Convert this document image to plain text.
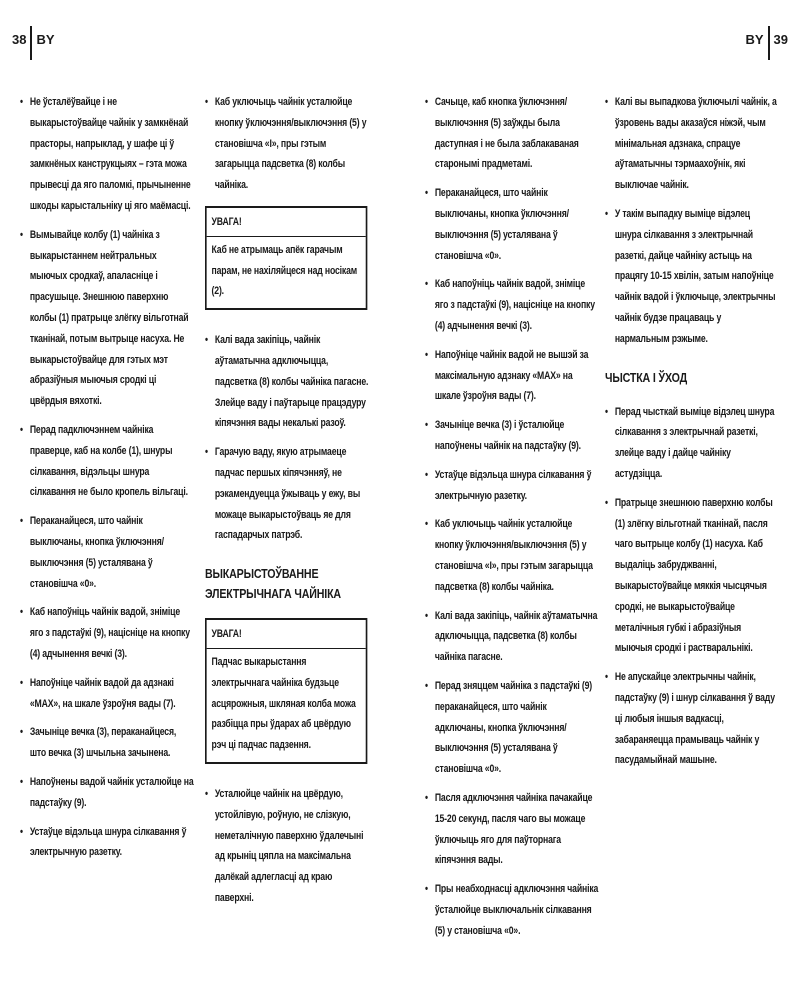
38 BY	BY 39
• Не ўсталёўвайце і не выкарыстоўвайце чайнік у замкнёнай прасторы, напрыклад, у шафе ці ў замкнёных канструкцыях – гэта можа прывесці да яго паломкі, прычыненне шкоды карыстальніку ці яго маёмасці.
• Вымывайце колбу (1) чайніка з выкарыстаннем нейтральных мыючых сродкаў, апаласніце і прасушыце. Знешнюю паверхню колбы (1) пратрыце злёгку вільготнай тканінай, потым вытрыце насуха. Не выкарыстоўвайце для гэтых мэт абразіўныя мыючыя сродкі ці цвёрдыя вяхоткі.
• Перад падключэннем чайніка праверце, каб на колбе (1), шнуры сілкавання, відэльцы шнура сілкавання не было кропель вільгаці.
• Пераканайцеся, што чайнік выключаны, кнопка ўключэння/выключэння (5) усталявана ў становішча «0».
• Каб напоўніць чайнік вадой, зніміце яго з падстаўкі (9), націсніце на кнопку (4) адчынення вечкі (3).
• Напоўніце чайнік вадой да адзнакі «MAX», на шкале ўзроўня вады (7).
• Зачыніце вечка (3), пераканайцеся, што вечка (3) шчыльна зачынена.
• Напоўнены вадой чайнік усталюйце на падстаўку (9).
• Устаўце відэльца шнура сілкавання ў электрычную разетку.
• Каб уключыць чайнік усталюйце кнопку ўключэння/выключэння (5) у становішча «I», пры гэтым загарыцца падсветка (8) колбы чайніка.
УВАГА!
Каб не атрымаць апёк гарачым парам, не нахіляйцеся над носікам (2).
• Калі вада закіпіць, чайнік аўтаматычна адключыцца, падсветка (8) колбы чайніка пагасне. Злейце ваду і паўтарыце працэдуру кіпячэння вады некалькі разоў.
• Гарачую ваду, якую атрымаеце падчас першых кіпячэнняў, не рэкамендуецца ўжываць у ежу, вы можаце выкарыстоўваць яе для гаспадарчых патрэб.
ВЫКАРЫСТОЎВАННЕ ЭЛЕКТРЫЧНАГА ЧАЙНІКА
УВАГА!
Падчас выкарыстання электрычнага чайніка будзьце асцярожныя, шкляная колба можа разбіцца пры ўдарах аб цвёрдую рэч ці падчас падзення.
• Усталюйце чайнік на цвёрдую, устойлівую, роўную, не слізкую, неметалічную паверхню ўдалечыні ад крыніц цяпла на максімальна далёкай адлегласці ад краю паверхні.
• Сачыце, каб кнопка ўключэння/выключэння (5) заўжды была даступная і не была заблакаваная старонымі прадметамі.
• Пераканайцеся, што чайнік выключаны, кнопка ўключэння/выключэння (5) усталявана ў становішча «0».
• Каб напоўніць чайнік вадой, зніміце яго з падстаўкі (9), націсніце на кнопку (4) адчынення вечкі (3).
• Напоўніце чайнік вадой не вышэй за максімальную адзнаку «MAX» на шкале ўзроўня вады (7).
• Зачыніце вечка (3) і ўсталюйце напоўнены чайнік на падстаўку (9).
• Устаўце відэльца шнура сілкавання ў электрычную разетку.
• Каб уключыць чайнік усталюйце кнопку ўключэння/выключэння (5) у становішча «I», пры гэтым загарыцца падсветка (8) колбы чайніка.
• Калі вада закіпіць, чайнік аўтаматычна адключыцца, падсветка (8) колбы чайніка пагасне.
• Перад зняццем чайніка з падстаўкі (9) пераканайцеся, што чайнік адключаны, кнопка ўключэння/выключэння (5) усталявана ў становішча «0».
• Пасля адключэння чайніка пачакайце 15-20 секунд, пасля чаго вы можаце ўключыць яго для паўторнага кіпячэння вады.
• Пры неабходнасці адключэння чайніка ўсталюйце выключальнік сілкавання (5) у становішча «0».
• Калі вы выпадкова ўключылі чайнік, а ўзровень вады аказаўся ніжэй, чым мінімальная адзнака, спрацуе аўтаматычны тэрмаахоўнік, які выключае чайнік.
• У такім выпадку выміце відэлец шнура сілкавання з электрычнай разеткі, дайце чайніку астыць на працягу 10-15 хвілін, затым напоўніце чайнік вадой і ўключыце, электрычны чайнік будзе працаваць у нармальным рэжыме.
ЧЫСТКА І ЎХОД
• Перад чысткай выміце відэлец шнура сілкавання з электрычнай разеткі, злейце ваду і дайце чайніку астудзіцца.
• Пратрыце знешнюю паверхню колбы (1) злёгку вільготнай тканінай, пасля чаго вытрыце колбу (1) насуха. Каб выдаліць забруджванні, выкарыстоўвайце мяккія чысцячыя сродкі, не выкарыстоўвайце металічныя губкі і абразіўныя мыючыя сродкі і растваральнікі.
• Не апускайце электрычны чайнік, падстаўку (9) і шнур сілкавання ў ваду ці любыя іншыя вадкасці, забараняецца прамываць чайнік у пасудамыйнай машыне.
